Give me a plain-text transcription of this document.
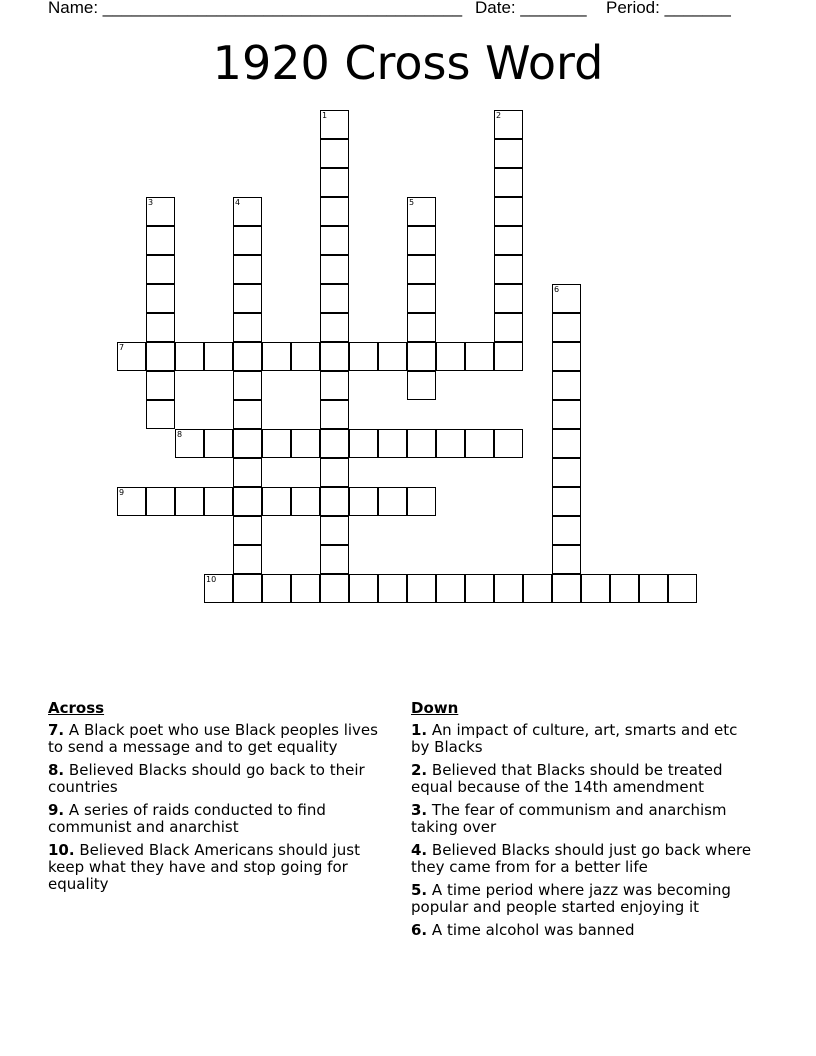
Name: ______________________________________ Date: _______ Period: _______
1920 Cross Word
1	2
3	4	5
6
7
8
9
10
Across
7. A Black poet who use Black peoples lives to send a message and to get equality
8. Believed Blacks should go back to their countries
9. A series of raids conducted to find communist and anarchist
10. Believed Black Americans should just keep what they have and stop going for equality
Down
1. An impact of culture, art, smarts and etc by Blacks
2. Believed that Blacks should be treated equal because of the 14th amendment
3. The fear of communism and anarchism taking over
4. Believed Blacks should just go back where they came from for a better life
5. A time period where jazz was becoming popular and people started enjoying it
6. A time alcohol was banned
